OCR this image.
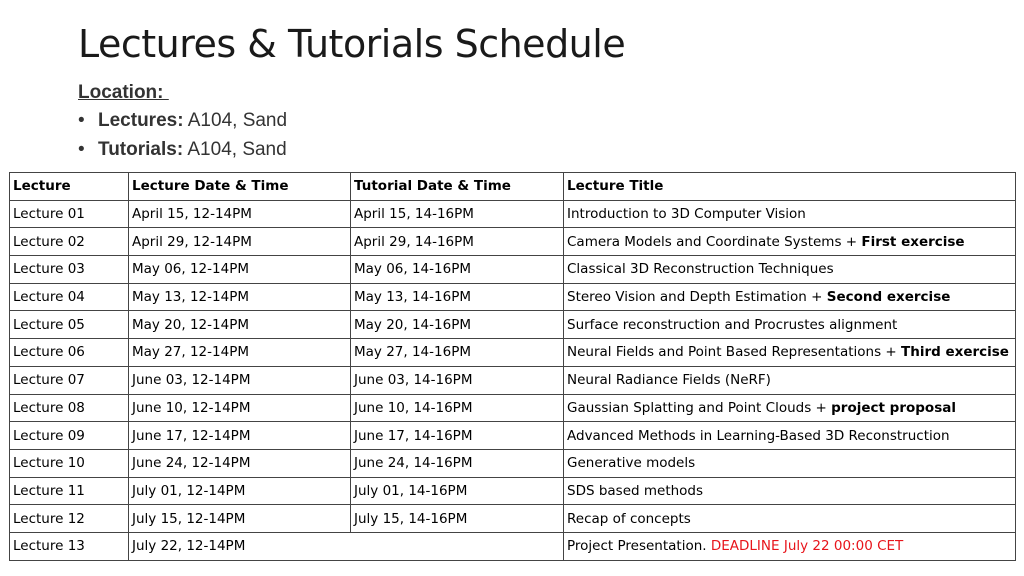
Lectures & Tutorials Schedule
Location:
• Lectures: A104, Sand
• Tutorials: A104, Sand
Lecture	Lecture Date & Time	Tutorial Date & Time	Lecture Title
Lecture 01	April 15, 12-14PM	April 15, 14-16PM	Introduction to 3D Computer Vision
Lecture 02	April 29, 12-14PM	April 29, 14-16PM	Camera Models and Coordinate Systems + First exercise
Lecture 03	May 06, 12-14PM	May 06, 14-16PM	Classical 3D Reconstruction Techniques
Lecture 04	May 13, 12-14PM	May 13, 14-16PM	Stereo Vision and Depth Estimation + Second exercise
Lecture 05	May 20, 12-14PM	May 20, 14-16PM	Surface reconstruction and Procrustes alignment
Lecture 06	May 27, 12-14PM	May 27, 14-16PM	Neural Fields and Point Based Representations + Third exercise
Lecture 07	June 03, 12-14PM	June 03, 14-16PM	Neural Radiance Fields (NeRF)
Lecture 08	June 10, 12-14PM	June 10, 14-16PM	Gaussian Splatting and Point Clouds + project proposal
Lecture 09	June 17, 12-14PM	June 17, 14-16PM	Advanced Methods in Learning-Based 3D Reconstruction
Lecture 10	June 24, 12-14PM	June 24, 14-16PM	Generative models
Lecture 11	July 01, 12-14PM	July 01, 14-16PM	SDS based methods
Lecture 12	July 15, 12-14PM	July 15, 14-16PM	Recap of concepts
Lecture 13	July 22, 12-14PM		Project Presentation. DEADLINE July 22 00:00 CET
